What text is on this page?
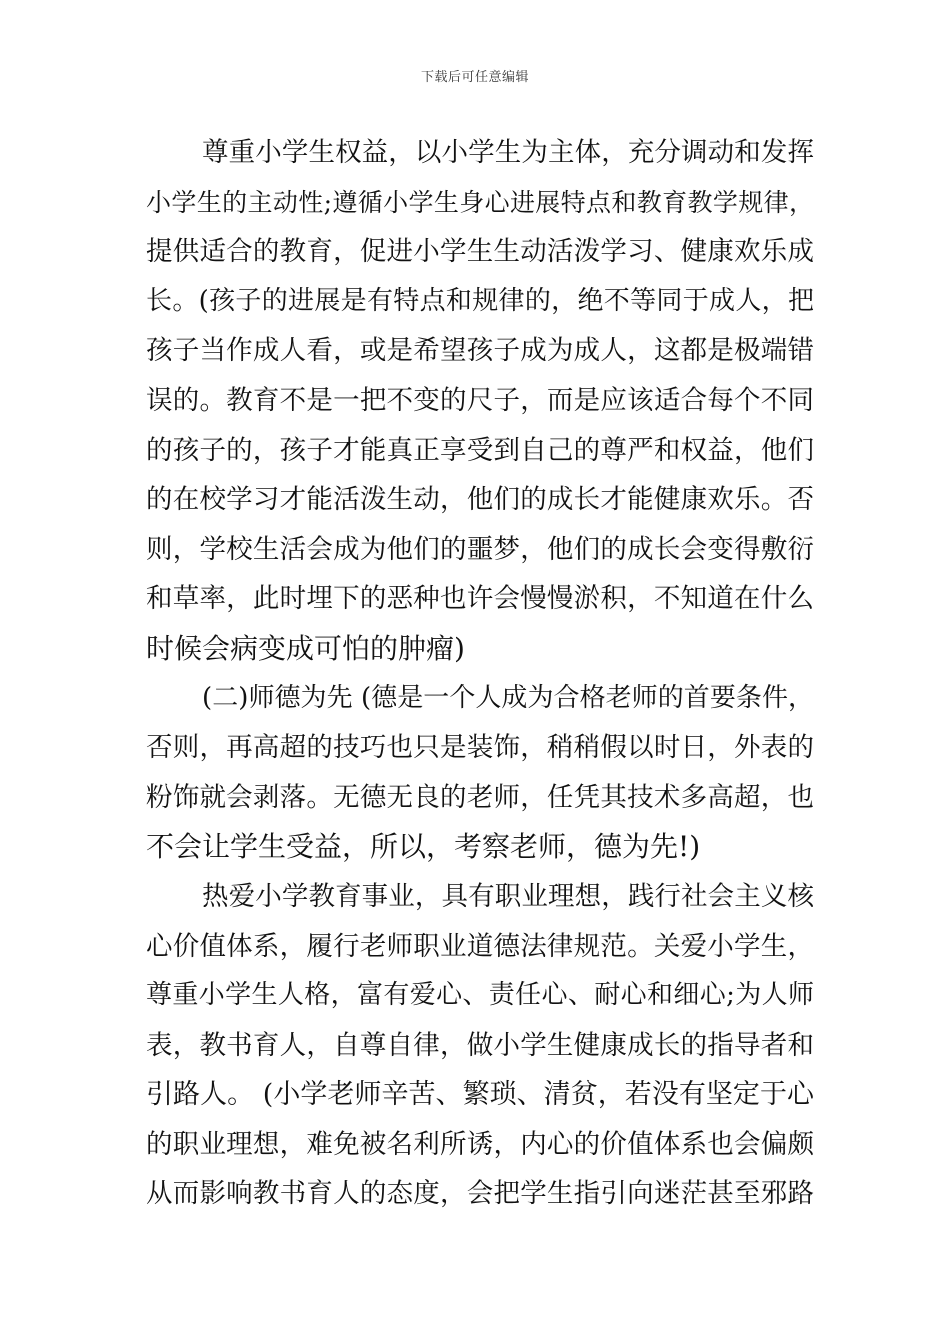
下载后可任意编辑
尊重小学生权益，以小学生为主体，充分调动和发挥
小学生的主动性;遵循小学生身心进展特点和教育教学规律，
提供适合的教育，促进小学生生动活泼学习、健康欢乐成
长。(孩子的进展是有特点和规律的，绝不等同于成人，把
孩子当作成人看，或是希望孩子成为成人，这都是极端错
误的。教育不是一把不变的尺子，而是应该适合每个不同
的孩子的，孩子才能真正享受到自己的尊严和权益，他们
的在校学习才能活泼生动，他们的成长才能健康欢乐。否
则，学校生活会成为他们的噩梦，他们的成长会变得敷衍
和草率，此时埋下的恶种也许会慢慢淤积，不知道在什么
时候会病变成可怕的肿瘤)
(二)师德为先 (德是一个人成为合格老师的首要条件，
否则，再高超的技巧也只是装饰，稍稍假以时日，外表的
粉饰就会剥落。无德无良的老师，任凭其技术多高超，也
不会让学生受益，所以，考察老师，德为先!)
热爱小学教育事业，具有职业理想，践行社会主义核
心价值体系，履行老师职业道德法律规范。关爱小学生，
尊重小学生人格，富有爱心、责任心、耐心和细心;为人师
表，教书育人，自尊自律，做小学生健康成长的指导者和
引路人。 (小学老师辛苦、繁琐、清贫，若没有坚定于心
的职业理想，难免被名利所诱，内心的价值体系也会偏颇
从而影响教书育人的态度，会把学生指引向迷茫甚至邪路
